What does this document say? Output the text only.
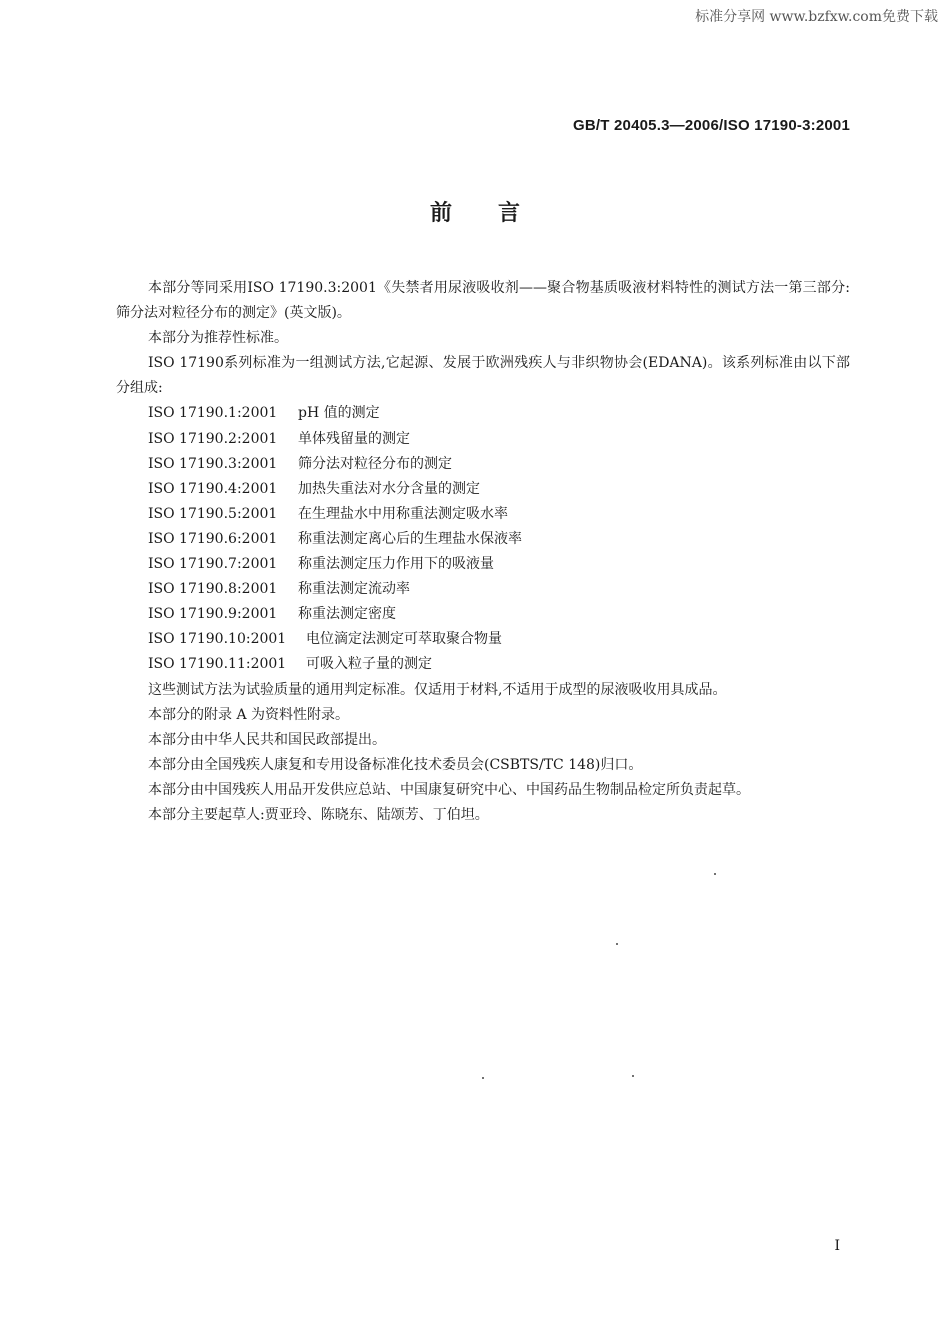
标准分享网 www.bzfxw.com免费下载
GB/T 20405.3—2006/ISO 17190-3:2001
前言

本部分等同采用ISO 17190.3:2001《失禁者用尿液吸收剂——聚合物基质吸液材料特性的测试方法一第三部分:筛分法对粒径分布的测定》(英文版)。

本部分为推荐性标准。

ISO 17190系列标准为一组测试方法,它起源、发展于欧洲残疾人与非织物协会(EDANA)。该系列标准由以下部分组成:

ISO 17190.1:2001 pH 值的测定
ISO 17190.2:2001 单体残留量的测定
ISO 17190.3:2001 筛分法对粒径分布的测定
ISO 17190.4:2001 加热失重法对水分含量的测定
ISO 17190.5:2001 在生理盐水中用称重法测定吸水率
ISO 17190.6:2001 称重法测定离心后的生理盐水保液率
ISO 17190.7:2001 称重法测定压力作用下的吸液量
ISO 17190.8:2001 称重法测定流动率
ISO 17190.9:2001 称重法测定密度
ISO 17190.10:2001 电位滴定法测定可萃取聚合物量
ISO 17190.11:2001 可吸入粒子量的测定

这些测试方法为试验质量的通用判定标准。仅适用于材料,不适用于成型的尿液吸收用具成品。

本部分的附录 A 为资料性附录。

本部分由中华人民共和国民政部提出。

本部分由全国残疾人康复和专用设备标准化技术委员会(CSBTS/TC 148)归口。

本部分由中国残疾人用品开发供应总站、中国康复研究中心、中国药品生物制品检定所负责起草。

本部分主要起草人:贾亚玲、陈晓东、陆颂芳、丁伯坦。

I
